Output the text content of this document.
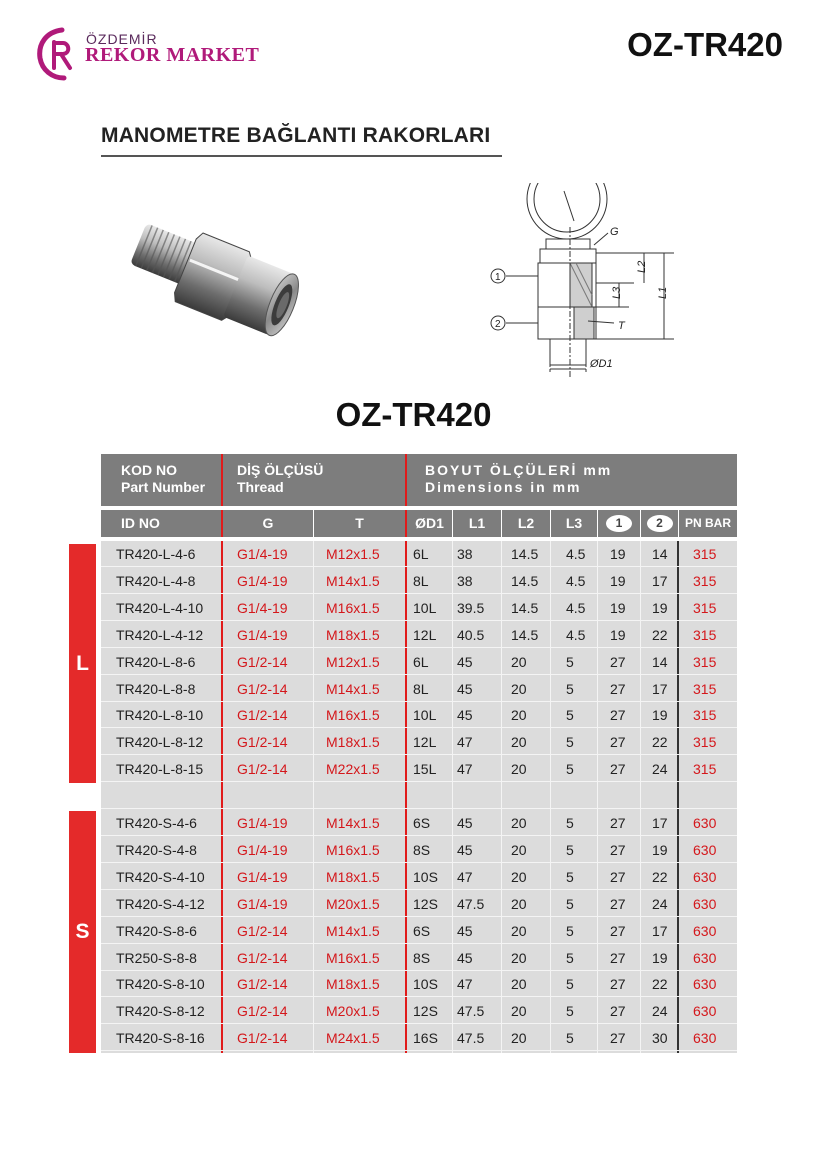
ÖZDEMİR
REKOR MARKET	OZ-TR420
MANOMETRE BAĞLANTI RAKORLARI
G
T
L1
L2
L3
ØD1
1
2
OZ-TR420
KOD NO
Part Number
DİŞ ÖLÇÜSÜ
Thread
BOYUT ÖLÇÜLERİ mm
Dimensions in mm
ID NO	G	T	ØD1	L1	L2	L3	1	2	PN BAR
L
S
TR420-L-4-6	G1/4-19	M12x1.5 6L 38	14.5 4.5 19 14 315
TR420-L-4-8	G1/4-19	M14x1.5 8L 38	14.5 4.5 19 17 315
TR420-L-4-10 G1/4-19	M16x1.5 10L 39.5 14.5 4.5 19 19 315
TR420-L-4-12 G1/4-19	M18x1.5 12L 40.5 14.5 4.5 19 22 315
TR420-L-8-6	G1/2-14	M12x1.5 6L 45	20	5	27 14 315
TR420-L-8-8	G1/2-14	M14x1.5 8L 45	20	5	27 17 315
TR420-L-8-10 G1/2-14	M16x1.5 10L 45	20	5	27 19 315
TR420-L-8-12 G1/2-14	M18x1.5 12L 47	20	5	27 22 315
TR420-L-8-15 G1/2-14	M22x1.5 15L 47	20	5	27 24 315
TR420-S-4-6	G1/4-19	M14x1.5 6S 45	20	5	27 17 630
TR420-S-4-8	G1/4-19	M16x1.5 8S 45	20	5	27 19 630
TR420-S-4-10 G1/4-19	M18x1.5 10S 47	20	5	27 22 630
TR420-S-4-12 G1/4-19	M20x1.5 12S 47.5 20	5	27 24 630
TR420-S-8-6	G1/2-14	M14x1.5 6S 45	20	5	27 17 630
TR250-S-8-8	G1/2-14	M16x1.5 8S 45	20	5	27 19 630
TR420-S-8-10 G1/2-14	M18x1.5 10S 47	20	5	27 22 630
TR420-S-8-12 G1/2-14	M20x1.5 12S 47.5 20	5	27 24 630
TR420-S-8-16 G1/2-14	M24x1.5 16S 47.5 20	5	27 30 630
